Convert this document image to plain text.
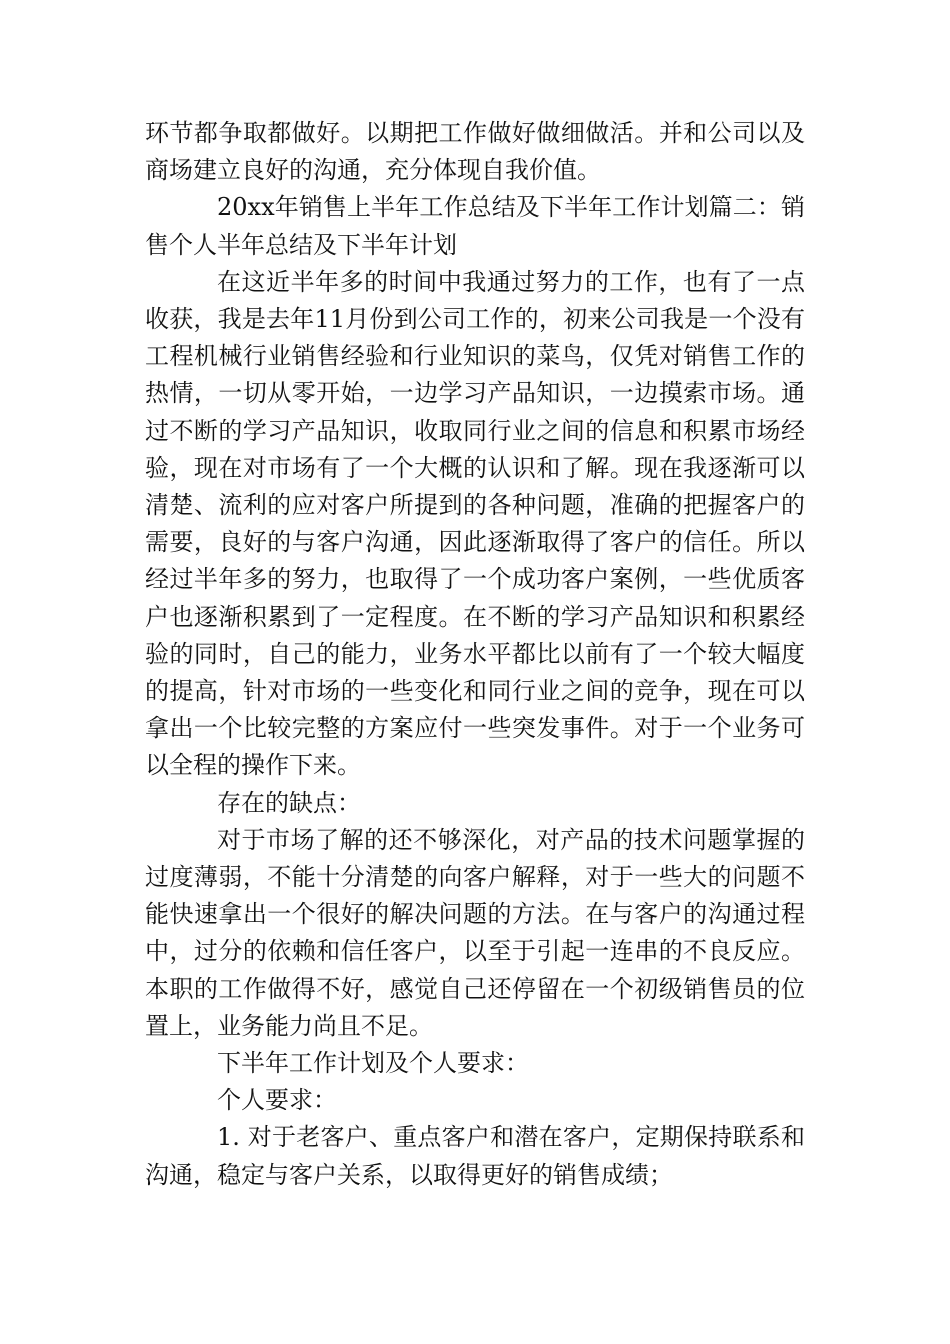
环节都争取都做好。以期把工作做好做细做活。并和公司以及商场建立良好的沟通，充分体现自我价值。

20xx年销售上半年工作总结及下半年工作计划篇二：销售个人半年总结及下半年计划

在这近半年多的时间中我通过努力的工作，也有了一点收获，我是去年11月份到公司工作的，初来公司我是一个没有工程机械行业销售经验和行业知识的菜鸟，仅凭对销售工作的热情，一切从零开始，一边学习产品知识，一边摸索市场。通过不断的学习产品知识，收取同行业之间的信息和积累市场经验，现在对市场有了一个大概的认识和了解。现在我逐渐可以清楚、流利的应对客户所提到的各种问题，准确的把握客户的需要，良好的与客户沟通，因此逐渐取得了客户的信任。所以经过半年多的努力，也取得了一个成功客户案例，一些优质客户也逐渐积累到了一定程度。在不断的学习产品知识和积累经验的同时，自己的能力，业务水平都比以前有了一个较大幅度的提高，针对市场的一些变化和同行业之间的竞争，现在可以拿出一个比较完整的方案应付一些突发事件。对于一个业务可以全程的操作下来。

存在的缺点：

对于市场了解的还不够深化，对产品的技术问题掌握的过度薄弱，不能十分清楚的向客户解释，对于一些大的问题不能快速拿出一个很好的解决问题的方法。在与客户的沟通过程中，过分的依赖和信任客户，以至于引起一连串的不良反应。本职的工作做得不好，感觉自己还停留在一个初级销售员的位置上，业务能力尚且不足。

下半年工作计划及个人要求：

个人要求：

1. 对于老客户、重点客户和潜在客户，定期保持联系和沟通，稳定与客户关系，以取得更好的销售成绩；
